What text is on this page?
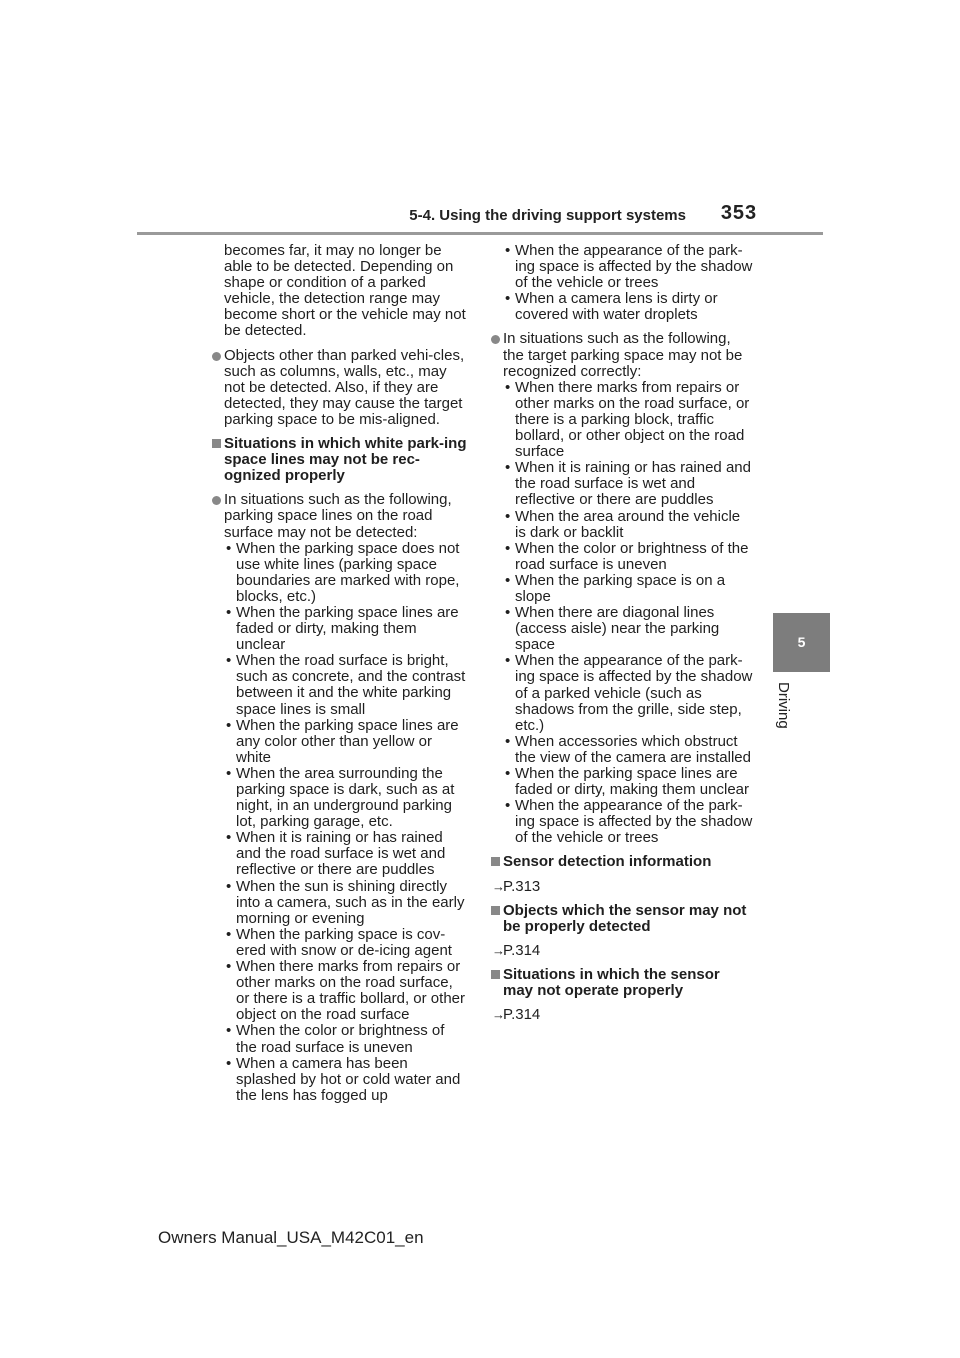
5-4. Using the driving support systems 353
5
Driving

becomes far, it may no longer be able to be detected. Depending on shape or condition of a parked vehicle, the detection range may become short or the vehicle may not be detected.

Objects other than parked vehi-cles, such as columns, walls, etc., may not be detected. Also, if they are detected, they may cause the target parking space to be mis-aligned.
Situations in which white park-ing space lines may not be rec-ognized properly
In situations such as the following, parking space lines on the road surface may not be detected:
• When the parking space does not use white lines (parking space boundaries are marked with rope, blocks, etc.)
• When the parking space lines are faded or dirty, making them unclear
• When the road surface is bright, such as concrete, and the contrast between it and the white parking space lines is small
• When the parking space lines are any color other than yellow or white
• When the area surrounding the parking space is dark, such as at night, in an underground parking lot, parking garage, etc.
• When it is raining or has rained and the road surface is wet and reflective or there are puddles
• When the sun is shining directly into a camera, such as in the early morning or evening
• When the parking space is cov-ered with snow or de-icing agent
• When there marks from repairs or other marks on the road surface, or there is a traffic bollard, or other object on the road surface
• When the color or brightness of the road surface is uneven
• When a camera has been splashed by hot or cold water and the lens has fogged up
• When the appearance of the park-ing space is affected by the shadow of the vehicle or trees
• When a camera lens is dirty or covered with water droplets
In situations such as the following, the target parking space may not be recognized correctly:
• When there marks from repairs or other marks on the road surface, or there is a parking block, traffic bollard, or other object on the road surface
• When it is raining or has rained and the road surface is wet and reflective or there are puddles
• When the area around the vehicle is dark or backlit
• When the color or brightness of the road surface is uneven
• When the parking space is on a slope
• When there are diagonal lines (access aisle) near the parking space
• When the appearance of the park-ing space is affected by the shadow of a parked vehicle (such as shadows from the grille, side step, etc.)
• When accessories which obstruct the view of the camera are installed
• When the parking space lines are faded or dirty, making them unclear
• When the appearance of the park-ing space is affected by the shadow of the vehicle or trees
Sensor detection information
→
P.313
Objects which the sensor may not be properly detected
→
P.314
Situations in which the sensor may not operate properly
→
P.314
Owners Manual_USA_M42C01_en
